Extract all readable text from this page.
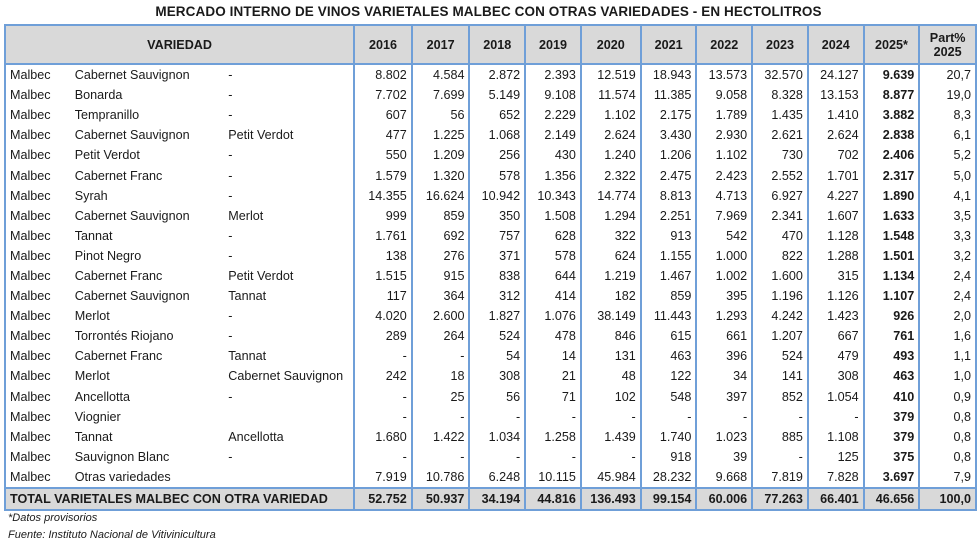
MERCADO INTERNO DE VINOS VARIETALES MALBEC CON OTRAS VARIEDADES - EN HECTOLITROS
VARIEDAD			2016	2017	2018	2019	2020	2021	2022	2023	2024	2025*	Part%
2025
Malbec	Cabernet Sauvignon	-	8.802	4.584	2.872	2.393	12.519	18.943	13.573	32.570	24.127	9.639	20,7
Malbec	Bonarda	-	7.702	7.699	5.149	9.108	11.574	11.385	9.058	8.328	13.153	8.877	19,0
Malbec	Tempranillo	-	607	56	652	2.229	1.102	2.175	1.789	1.435	1.410	3.882	8,3
Malbec	Cabernet Sauvignon	Petit Verdot	477	1.225	1.068	2.149	2.624	3.430	2.930	2.621	2.624	2.838	6,1
Malbec	Petit Verdot	-	550	1.209	256	430	1.240	1.206	1.102	730	702	2.406	5,2
Malbec	Cabernet Franc	-	1.579	1.320	578	1.356	2.322	2.475	2.423	2.552	1.701	2.317	5,0
Malbec	Syrah	-	14.355	16.624	10.942	10.343	14.774	8.813	4.713	6.927	4.227	1.890	4,1
Malbec	Cabernet Sauvignon	Merlot	999	859	350	1.508	1.294	2.251	7.969	2.341	1.607	1.633	3,5
Malbec	Tannat	-	1.761	692	757	628	322	913	542	470	1.128	1.548	3,3
Malbec	Pinot Negro	-	138	276	371	578	624	1.155	1.000	822	1.288	1.501	3,2
Malbec	Cabernet Franc	Petit Verdot	1.515	915	838	644	1.219	1.467	1.002	1.600	315	1.134	2,4
Malbec	Cabernet Sauvignon	Tannat	117	364	312	414	182	859	395	1.196	1.126	1.107	2,4
Malbec	Merlot	-	4.020	2.600	1.827	1.076	38.149	11.443	1.293	4.242	1.423	926	2,0
Malbec	Torrontés Riojano	-	289	264	524	478	846	615	661	1.207	667	761	1,6
Malbec	Cabernet Franc	Tannat	-	-	54	14	131	463	396	524	479	493	1,1
Malbec	Merlot	Cabernet Sauvignon	242	18	308	21	48	122	34	141	308	463	1,0
Malbec	Ancellotta	-	-	25	56	71	102	548	397	852	1.054	410	0,9
Malbec	Viognier		-	-	-	-	-	-	-	-	-	379	0,8
Malbec	Tannat	Ancellotta	1.680	1.422	1.034	1.258	1.439	1.740	1.023	885	1.108	379	0,8
Malbec	Sauvignon Blanc	-	-	-	-	-	-	918	39	-	125	375	0,8
Malbec	Otras variedades		7.919	10.786	6.248	10.115	45.984	28.232	9.668	7.819	7.828	3.697	7,9
TOTAL VARIETALES MALBEC CON OTRA VARIEDAD			52.752	50.937	34.194	44.816	136.493	99.154	60.006	77.263	66.401	46.656	100,0
*Datos provisorios
Fuente: Instituto Nacional de Vitivinicultura
